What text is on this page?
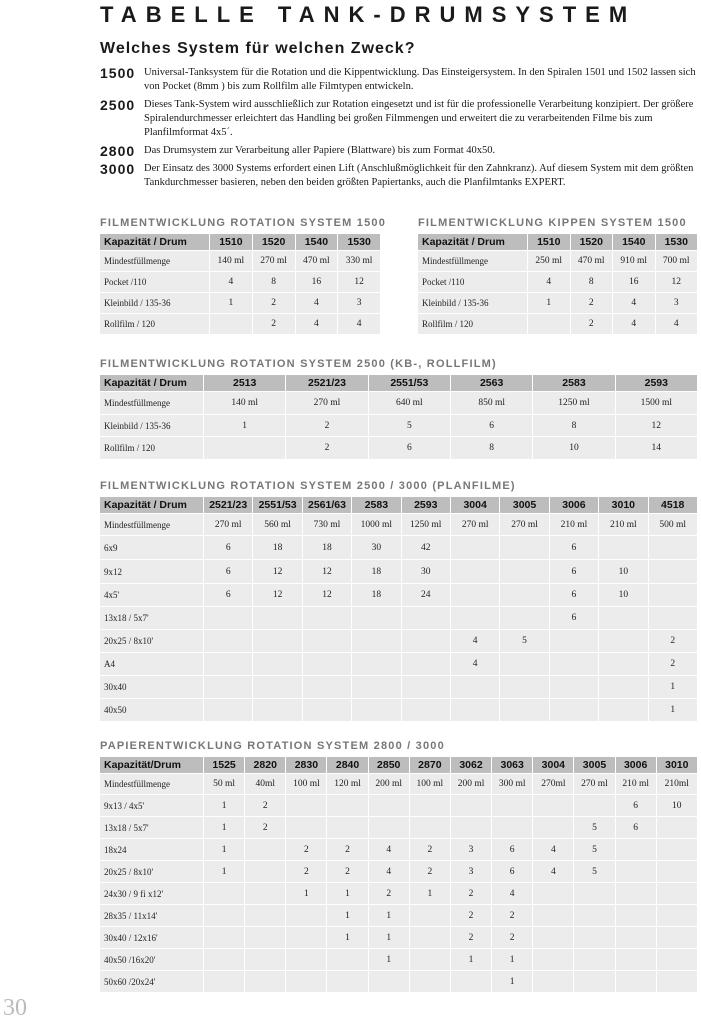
TABELLE TANK-DRUMSYSTEM
Welches System für welchen Zweck?
1500 Universal-Tanksystem für die Rotation und die Kippentwicklung. Das Einsteigersystem. In den Spiralen 1501 und 1502 lassen sich von Pocket (8mm ) bis zum Rollfilm alle Filmtypen entwickeln.
2500 Dieses Tank-System wird ausschließlich zur Rotation eingesetzt und ist für die professionelle Verarbeitung konzipiert. Der größere Spiralendurchmesser erleichtert das Handling bei großen Filmmengen und erweitert die zu verarbeitenden Filme bis zum Planfilmformat 4x5´.
2800 Das Drumsystem zur Verarbeitung aller Papiere (Blattware) bis zum Format 40x50.
3000 Der Einsatz des 3000 Systems erfordert einen Lift (Anschlußmöglichkeit für den Zahnkranz). Auf diesem System mit dem größten Tankdurchmesser basieren, neben den beiden größten Papiertanks, auch die Planfilmtanks EXPERT.
FILMENTWICKLUNG ROTATION SYSTEM 1500
Kapazität / Drum	1510	1520	1540	1530
Mindestfüllmenge	140 ml	270 ml	470 ml	330 ml
Pocket /110	4	8	16	12
Kleinbild / 135-36	1	2	4	3
Rollfilm / 120		2	4	4
FILMENTWICKLUNG KIPPEN SYSTEM 1500
Kapazität / Drum	1510	1520	1540	1530
Mindestfüllmenge	250 ml	470 ml	910 ml	700 ml
Pocket /110	4	8	16	12
Kleinbild / 135-36	1	2	4	3
Rollfilm / 120		2	4	4
FILMENTWICKLUNG ROTATION SYSTEM 2500 (KB-, ROLLFILM)
Kapazität / Drum	2513	2521/23	2551/53	2563	2583	2593
Mindestfüllmenge	140 ml	270 ml	640 ml	850 ml	1250 ml	1500 ml
Kleinbild / 135-36	1	2	5	6	8	12
Rollfilm / 120		2	6	8	10	14
FILMENTWICKLUNG ROTATION SYSTEM 2500 / 3000 (PLANFILME)
Kapazität / Drum	2521/23	2551/53	2561/63	2583	2593	3004	3005	3006	3010	4518
Mindestfüllmenge	270 ml	560 ml	730 ml	1000 ml	1250 ml	270 ml	270 ml	210 ml	210 ml	500 ml
6x9	6	18	18	30	42			6		
9x12	6	12	12	18	30			6	10	
4x5'	6	12	12	18	24			6	10	
13x18 / 5x7'								6		
20x25 / 8x10'						4	5			2
A4						4				2
30x40										1
40x50										1
PAPIERENTWICKLUNG ROTATION SYSTEM 2800 / 3000
Kapazität/Drum	1525	2820	2830	2840	2850	2870	3062	3063	3004	3005	3006	3010
Mindestfüllmenge	50 ml	40ml	100 ml	120 ml	200 ml	100 ml	200 ml	300 ml	270ml	270 ml	210 ml	210ml
9x13 / 4x5'	1	2									6	10
13x18 / 5x7'	1	2								5	6	
18x24	1		2	2	4	2	3	6	4	5		
20x25 / 8x10'	1		2	2	4	2	3	6	4	5		
24x30 / 9 fi x12'			1	1	2	1	2	4				
28x35 / 11x14'				1	1		2	2				
30x40 / 12x16'				1	1		2	2				
40x50 /16x20'					1		1	1				
50x60 /20x24'								1				
30
